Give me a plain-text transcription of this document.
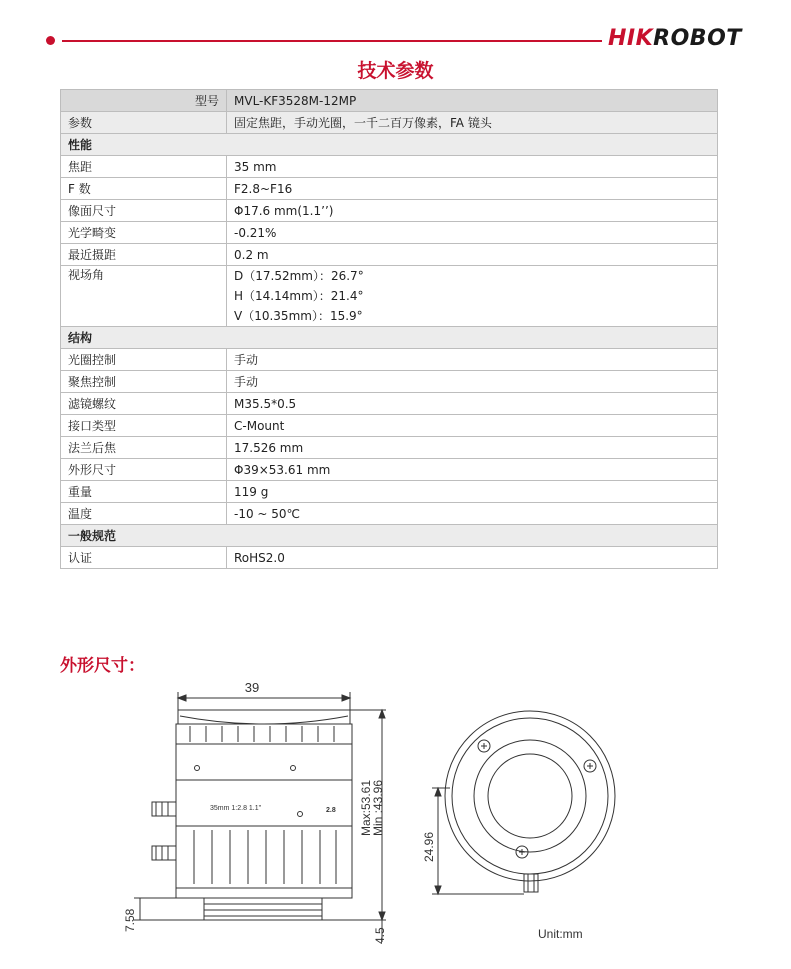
HIKROBOT
技术参数
型号	MVL-KF3528M-12MP
参数	固定焦距，手动光圈，一千二百万像素，FA 镜头
性能	
焦距	35 mm
F 数	F2.8~F16
像面尺寸	Φ17.6 mm(1.1’’)
光学畸变	-0.21%
最近摄距	0.2 m
视场角	D（17.52mm）：26.7°
H（14.14mm）：21.4°
V（10.35mm）：15.9°

结构	
光圈控制	手动
聚焦控制	手动
滤镜螺纹	M35.5*0.5
接口类型	C-Mount
法兰后焦	17.526 mm
外形尺寸	Φ39×53.61 mm
重量	119 g
温度	-10 ~ 50℃
一般规范	
认证	RoHS2.0
外形尺寸：
39
35mm 1:2.8 1.1"	2.8 Max:53.61
Min :43.96
24.96
7.58
4.5	Unit:mm
